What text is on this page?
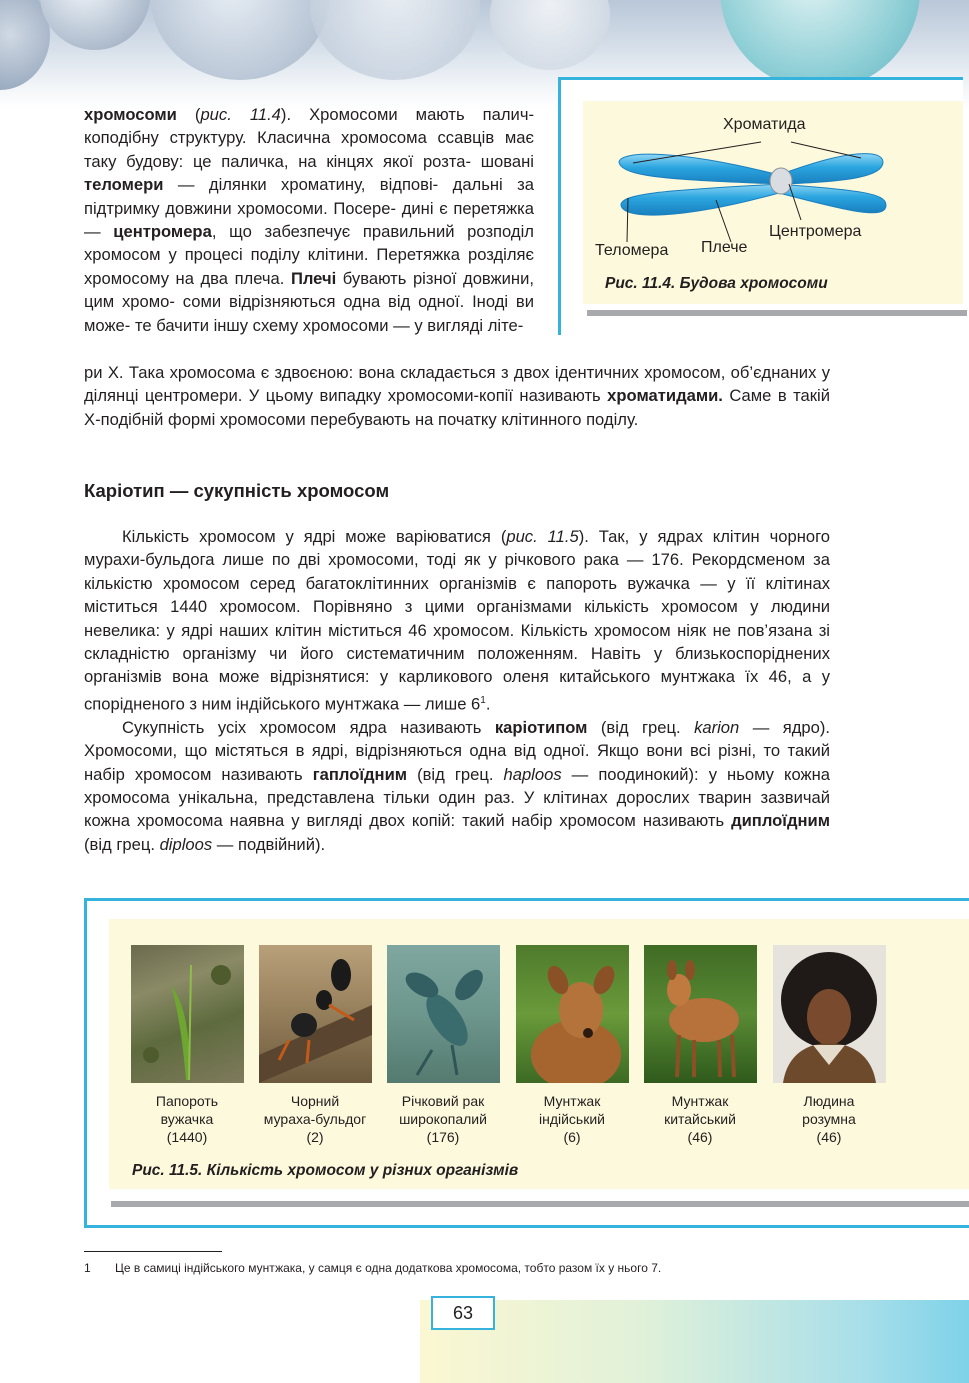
хромосоми (рис. 11.4). Хромосоми мають палич- коподібну структуру. Класична хромосома ссавців має таку будову: це паличка, на кінцях якої розта- шовані теломери — ділянки хроматину, відпові- дальні за підтримку довжини хромосоми. Посере- дині є перетяжка — центромера, що забезпечує правильний розподіл хромосом у процесі поділу клітини. Перетяжка розділяє хромосому на два плеча. Плечі бувають різної довжини, цим хромо- соми відрізняються одна від одної. Іноді ви може- те бачити іншу схему хромосоми — у вигляді літе-

ри Х. Така хромосома є здвоєною: вона складається з двох ідентичних хромосом, об’єднаних у ділянці центромери. У цьому випадку хромосоми-копії називають хроматидами. Саме в такій Х-подібній формі хромосоми перебувають на початку клітинного поділу.

Хроматида
Центромера
Теломера Плече
Рис. 11.4. Будова хромосоми
Каріотип — сукупність хромосом

Кількість хромосом у ядрі може варіюватися (рис. 11.5). Так, у ядрах клітин чорного мурахи-бульдога лише по дві хромосоми, тоді як у річкового рака — 176. Рекордсменом за кількістю хромосом серед багатоклітинних організмів є папороть вужачка — у її клітинах міститься 1440 хромосом. Порівняно з цими організмами кількість хромосом у людини невелика: у ядрі наших клітин міститься 46 хромосом. Кількість хромосом ніяк не пов’язана зі складністю організму чи його систематичним положенням. Навіть у близькоспоріднених організмів вона може відрізнятися: у карликового оленя китайського мунтжака їх 46, а у спорідненого з ним індійського мунтжака — лише $6^1$.

Сукупність усіх хромосом ядра називають каріотипом (від грец. karion — ядро). Хромосоми, що містяться в ядрі, відрізняються одна від одної. Якщо вони всі різні, то такий набір хромосом називають гаплоїдним (від грец. haploos — поодинокий): у ньому кожна хромосома унікальна, представлена тільки один раз. У клітинах дорослих тварин зазвичай кожна хромосома наявна у вигляді двох копій: такий набір хромосом називають диплоїдним (від грец. diploos — подвійний).

Папороть
вужачка
(1440)
Чорний
мураха-бульдог
(2)
Річковий рак
широкопалий
(176)
Мунтжак
індійський
(6)
Мунтжак
китайський
(46)
Людина
розумна
(46)
Рис. 11.5. Кількість хромосом у різних організмів
1 Це в самиці індійського мунтжака, у самця є одна додаткова хромосома, тобто разом їх у нього 7.
63
